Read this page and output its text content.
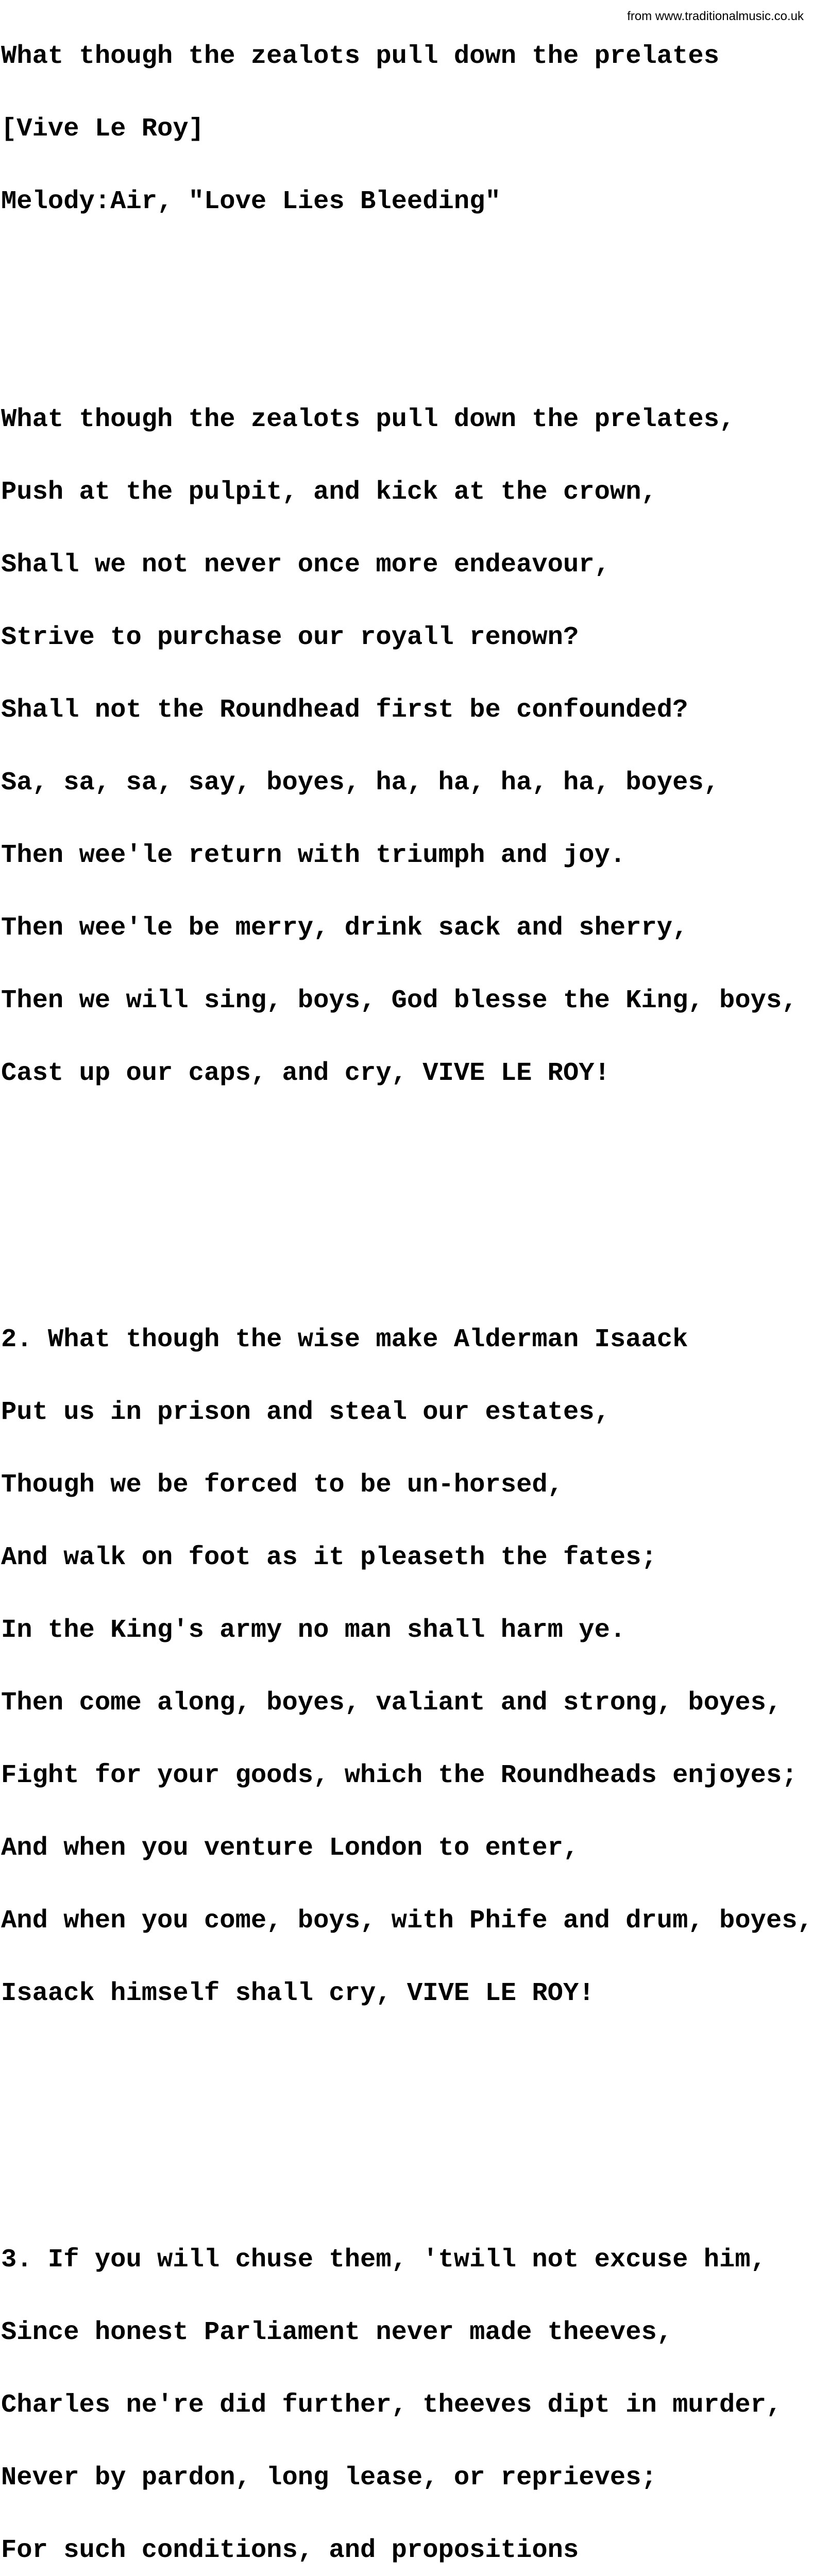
What though the zealots pull down the prelates

[Vive Le Roy]

Melody:Air, "Love Lies Bleeding"

What though the zealots pull down the prelates,

Push at the pulpit, and kick at the crown,

Shall we not never once more endeavour,

Strive to purchase our royall renown?

Shall not the Roundhead first be confounded?

Sa, sa, sa, say, boyes, ha, ha, ha, ha, boyes,

Then wee'le return with triumph and joy.

Then wee'le be merry, drink sack and sherry,

Then we will sing, boys, God blesse the King, boys,

Cast up our caps, and cry, VIVE LE ROY!

2. What though the wise make Alderman Isaack

Put us in prison and steal our estates,

Though we be forced to be un-horsed,

And walk on foot as it pleaseth the fates;

In the King's army no man shall harm ye.

Then come along, boyes, valiant and strong, boyes,

Fight for your goods, which the Roundheads enjoyes;

And when you venture London to enter,

And when you come, boys, with Phife and drum, boyes,

Isaack himself shall cry, VIVE LE ROY!

3. If you will chuse them, 'twill not excuse him,

Since honest Parliament never made theeves,

Charles ne're did further, theeves dipt in murder,

Never by pardon, long lease, or reprieves;

For such conditions, and propositions

from www.traditionalmusic.co.uk
